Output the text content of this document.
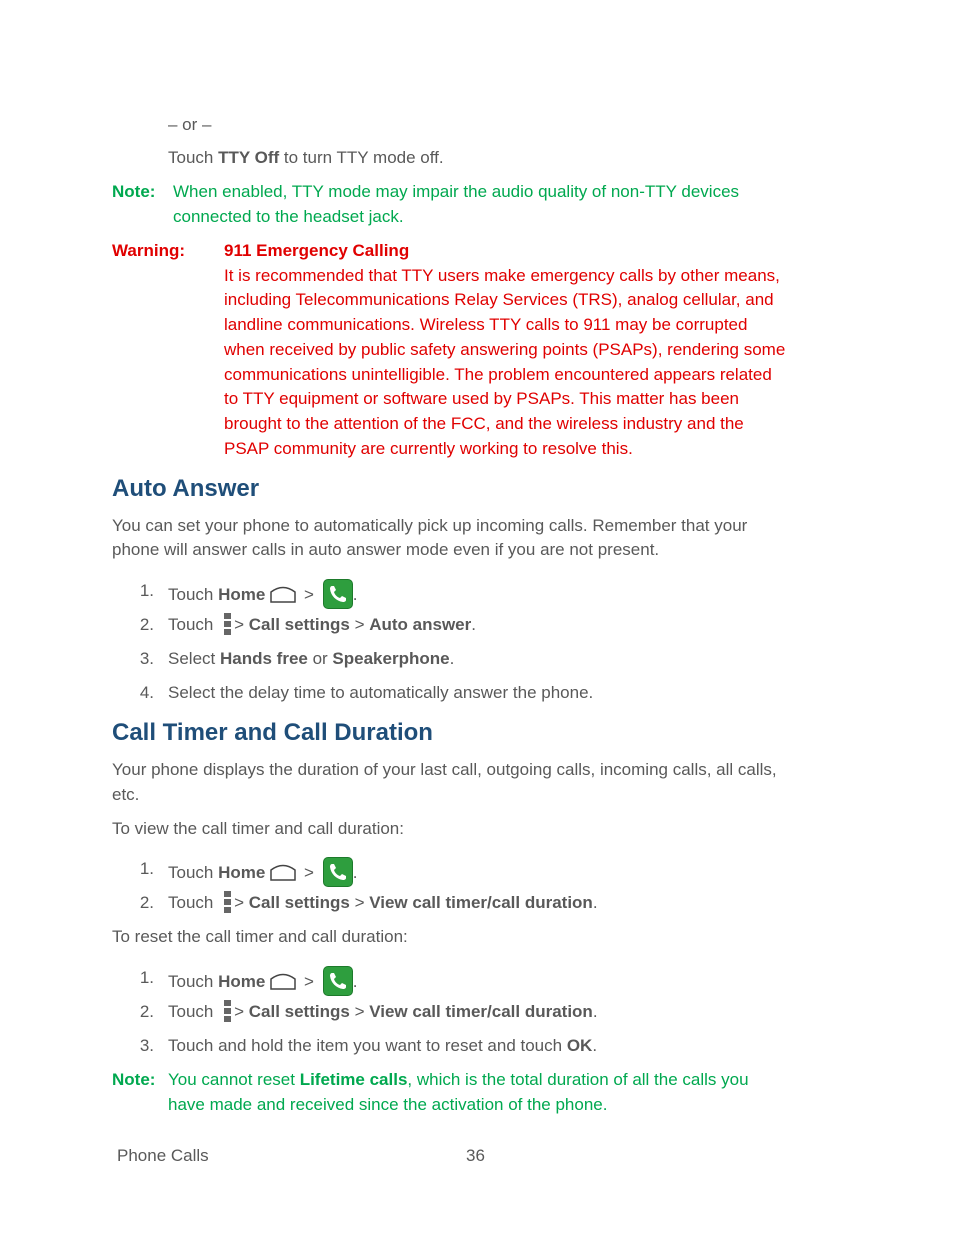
– or –
Touch TTY Off to turn TTY mode off.
Note: When enabled, TTY mode may impair the audio quality of non-TTY devices
connected to the headset jack.
Warning: 911 Emergency Calling
It is recommended that TTY users make emergency calls by other means,
including Telecommunications Relay Services (TRS), analog cellular, and
landline communications. Wireless TTY calls to 911 may be corrupted
when received by public safety answering points (PSAPs), rendering some
communications unintelligible. The problem encountered appears related
to TTY equipment or software used by PSAPs. This matter has been
brought to the attention of the FCC, and the wireless industry and the
PSAP community are currently working to resolve this.
Auto Answer
You can set your phone to automatically pick up incoming calls. Remember that your
phone will answer calls in auto answer mode even if you are not present.
1. Touch Home > .
2. Touch
> Call settings > Auto answer.
3. Select Hands free or Speakerphone.
4. Select the delay time to automatically answer the phone.
Call Timer and Call Duration
Your phone displays the duration of your last call, outgoing calls, incoming calls, all calls,
etc.
To view the call timer and call duration:
1. Touch Home > .
2. Touch
> Call settings > View call timer/call duration.
To reset the call timer and call duration:
1. Touch Home > .
2. Touch
> Call settings > View call timer/call duration.
3. Touch and hold the item you want to reset and touch OK.
Note: You cannot reset Lifetime calls, which is the total duration of all the calls you
have made and received since the activation of the phone.
Phone Calls	36
